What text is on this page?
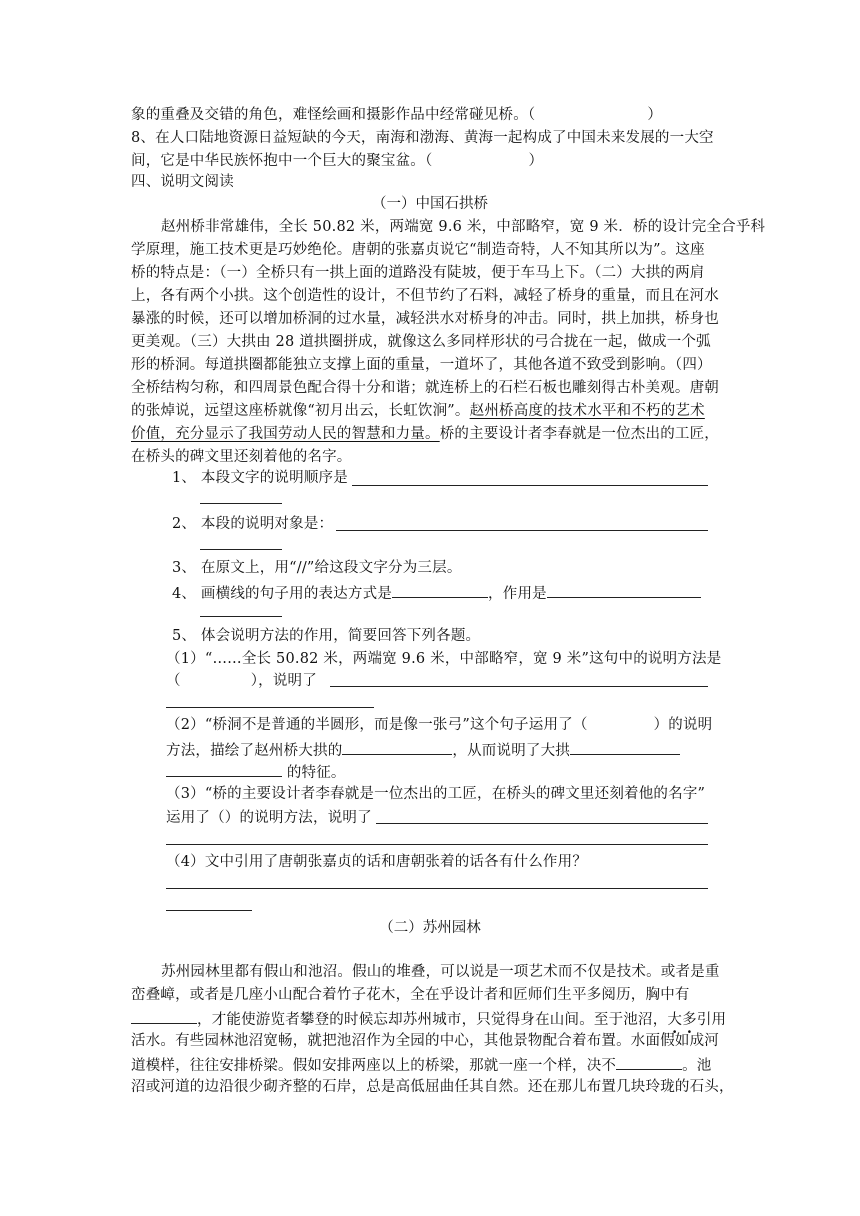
象的重叠及交错的角色，难怪绘画和摄影作品中经常碰见桥。（	）
8、在人口陆地资源日益短缺的今天，南海和渤海、黄海一起构成了中国未来发展的一大空
间，它是中华民族怀抱中一个巨大的聚宝盆。（	）
四、说明文阅读
（一）中国石拱桥
赵州桥非常雄伟，全长 50.82 米，两端宽 9.6 米，中部略窄，宽 9 米．桥的设计完全合乎科
学原理，施工技术更是巧妙绝伦。唐朝的张嘉贞说它“制造奇特，人不知其所以为”。这座
桥的特点是：（一）全桥只有一拱上面的道路没有陡坡，便于车马上下。（二）大拱的两肩
上，各有两个小拱。这个创造性的设计，不但节约了石料，减轻了桥身的重量，而且在河水
暴涨的时候，还可以增加桥洞的过水量，减轻洪水对桥身的冲击。同时，拱上加拱，桥身也
更美观。（三）大拱由 28 道拱圈拼成，就像这么多同样形状的弓合拢在一起，做成一个弧
形的桥洞。每道拱圈都能独立支撑上面的重量，一道坏了，其他各道不致受到影响。（四）
全桥结构匀称，和四周景色配合得十分和谐；就连桥上的石栏石板也雕刻得古朴美观。唐朝
的张焯说，远望这座桥就像“初月出云，长虹饮涧”。赵州桥高度的技术水平和不朽的艺术
价值，充分显示了我国劳动人民的智慧和力量。桥的主要设计者李春就是一位杰出的工匠，
在桥头的碑文里还刻着他的名字。
1、 本段文字的说明顺序是
2、 本段的说明对象是：
3、 在原文上，用“//”给这段文字分为三层。
4、 画横线的句子用的表达方式是	，作用是
5、 体会说明方法的作用，简要回答下列各题。
（1）“……全长 50.82 米，两端宽 9.6 米，中部略窄，宽 9 米”这句中的说明方法是
（	），说明了
（2）“桥洞不是普通的半圆形，而是像一张弓”这个句子运用了（	）的说明
方法，描绘了赵州桥大拱的	，从而说明了大拱
的特征。
（3）“桥的主要设计者李春就是一位杰出的工匠，在桥头的碑文里还刻着他的名字”
运用了（）的说明方法，说明了
（4）文中引用了唐朝张嘉贞的话和唐朝张着的话各有什么作用？
（二）苏州园林
苏州园林里都有假山和池沼。假山的堆叠，可以说是一项艺术而不仅是技术。或者是重
峦叠嶂，或者是几座小山配合着竹子花木，全在乎设计者和匠师们生平多阅历，胸中有
，才能使游览者攀登的时候忘却苏州城市，只觉得身在山间。至于池沼，大多引用
活水。有些园林池沼宽畅，就把池沼作为全园的中心，其他景物配合着布置。水面假如成河
道模样，往往安排桥梁。假如安排两座以上的桥梁，那就一座一个样，决不	。池
沼或河道的边沿很少砌齐整的石岸，总是高低屈曲任其自然。还在那儿布置几块玲珑的石头，
